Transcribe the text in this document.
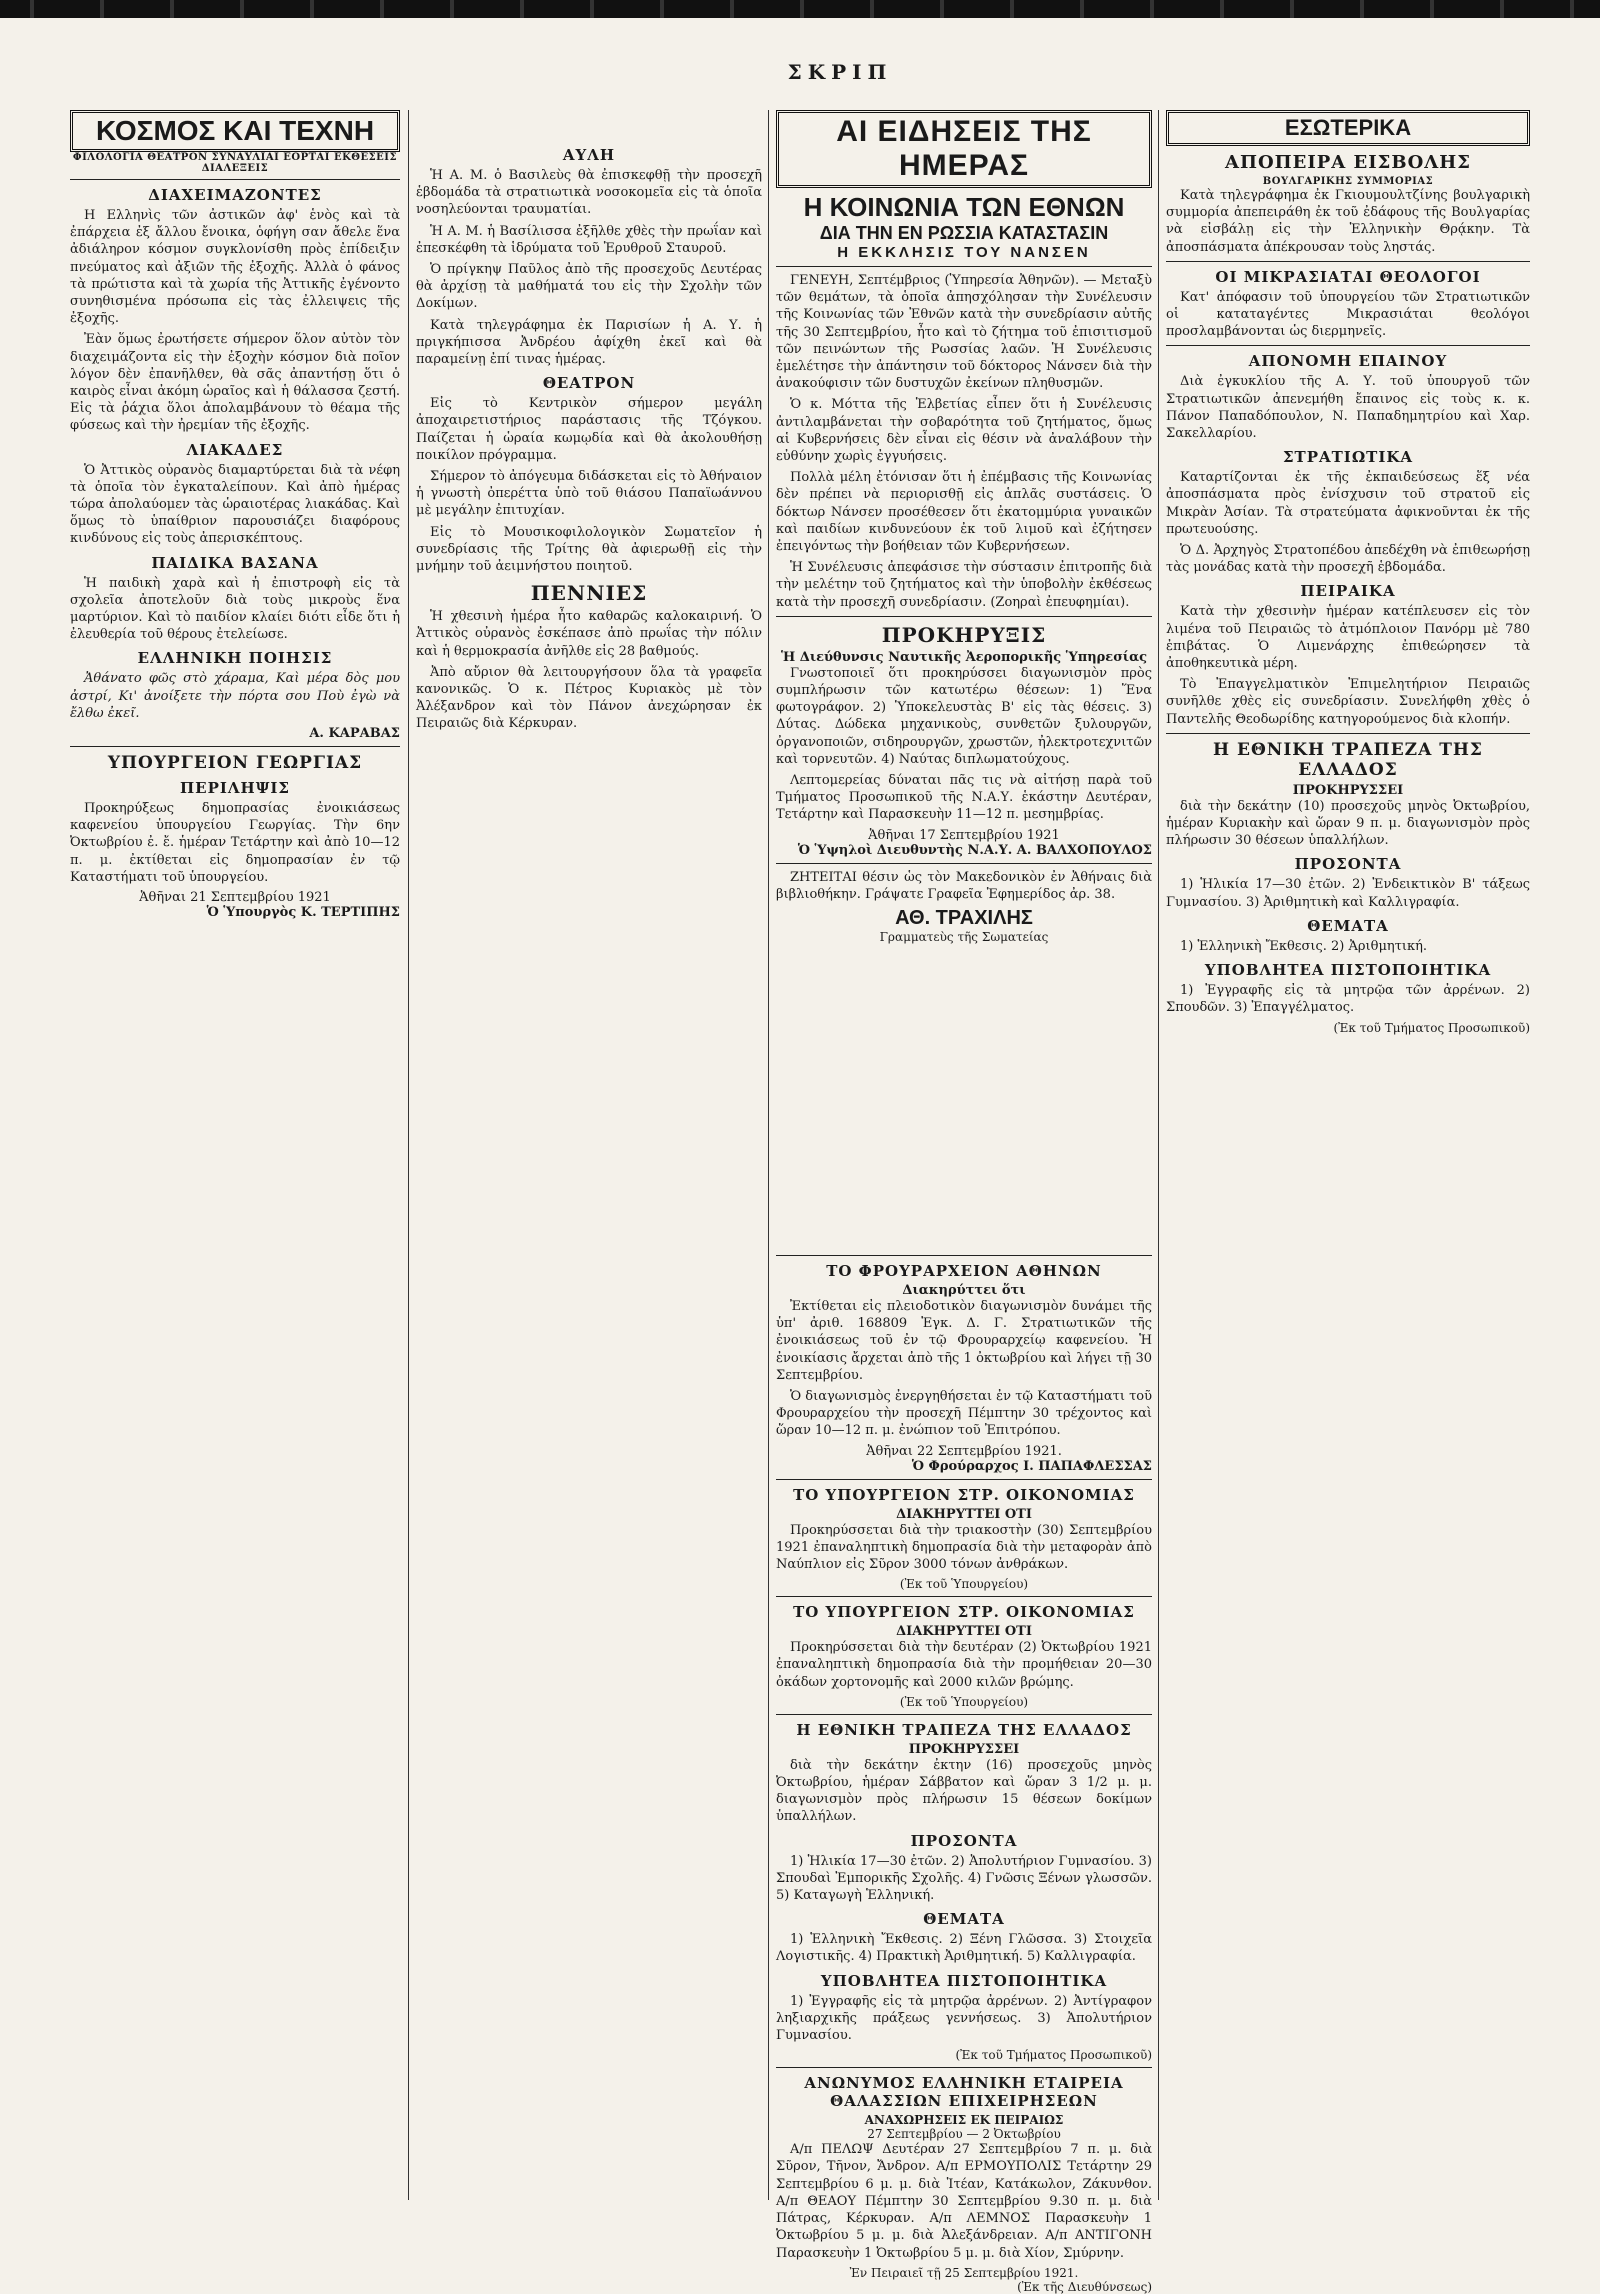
ΣΚΡΙΠ
ΚΟΣΜΟΣ ΚΑΙ ΤΕΧΝΗ
ΦΙΛΟΛΟΓΙΑ ΘΕΑΤΡΟΝ ΣΥΝΑΥΛΙΑΙ ΕΟΡΤΑΙ ΕΚΘΕΣΕΙΣ ΔΙΑΛΕΞΕΙΣ
ΔΙΑΧΕΙΜΑΖΟΝΤΕΣ

Η Ελληνὶς τῶν ἀστικῶν ἀφ' ἑνὸς καὶ τὰ ἐπάρχεια ἐξ ἄλλου ἔνοικα, ὁφήγη σαν ἄθελε ἕνα ἀδιάληρον κόσμον συγκλονίσθη πρὸς ἐπίδειξιν πνεύματος καὶ ἀξιῶν τῆς ἐξοχῆς. Ἀλλὰ ὁ φάνος τὰ πρώτιστα καὶ τὰ χωρία τῆς Ἀττικῆς ἐγένοντο συνηθισμένα πρόσωπα εἰς τὰς ἐλλειψεις τῆς ἐξοχῆς.

Ἐὰν ὅμως ἐρωτήσετε σήμερον ὅλον αὐτὸν τὸν διαχειμάζοντα εἰς τὴν ἐξοχὴν κόσμον διὰ ποῖον λόγον δὲν ἐπανῆλθεν, θὰ σᾶς ἀπαντήσῃ ὅτι ὁ καιρὸς εἶναι ἀκόμη ὡραῖος καὶ ἡ θάλασσα ζεστή. Εἰς τὰ ῥάχια ὅλοι ἀπολαμβάνουν τὸ θέαμα τῆς φύσεως καὶ τὴν ἠρεμίαν τῆς ἐξοχῆς.

ΛΙΑΚΑΔΕΣ

Ὁ Ἀττικὸς οὐρανὸς διαμαρτύρεται διὰ τὰ νέφη τὰ ὁποῖα τὸν ἐγκαταλείπουν. Καὶ ἀπὸ ἡμέρας τώρα ἀπολαύομεν τὰς ὡραιοτέρας λιακάδας. Καὶ ὅμως τὸ ὑπαίθριον παρουσιάζει διαφόρους κινδύνους εἰς τοὺς ἀπερισκέπτους.

ΠΑΙΔΙΚΑ ΒΑΣΑΝΑ

Ἡ παιδικὴ χαρὰ καὶ ἡ ἐπιστροφὴ εἰς τὰ σχολεῖα ἀποτελοῦν διὰ τοὺς μικροὺς ἕνα μαρτύριον. Καὶ τὸ παιδίον κλαίει διότι εἶδε ὅτι ἡ ἐλευθερία τοῦ θέρους ἐτελείωσε.

ΕΛΛΗΝΙΚΗ ΠΟΙΗΣΙΣ

Ἀθάνατο φῶς στὸ χάραμα, Καὶ μέρα δὸς μου ἀστρί, Κι' ἀνοίξετε τὴν πόρτα σου Ποὺ ἐγὼ νὰ ἔλθω ἐκεῖ.

Α. ΚΑΡΑΒΑΣ
ΥΠΟΥΡΓΕΙΟΝ ΓΕΩΡΓΙΑΣ
ΠΕΡΙΛΗΨΙΣ

Προκηρύξεως δημοπρασίας ἐνοικιάσεως καφενείου ὑπουργείου Γεωργίας. Τὴν 6ην Ὀκτωβρίου ἐ. ἔ. ἡμέραν Τετάρτην καὶ ἀπὸ 10—12 π. μ. ἐκτίθεται εἰς δημοπρασίαν ἐν τῷ Καταστήματι τοῦ ὑπουργείου.

Ἀθῆναι 21 Σεπτεμβρίου 1921
Ὁ Ὑπουργὸς Κ. ΤΕΡΤΙΠΗΣ
ΑΥΛΗ

Ἡ Α. Μ. ὁ Βασιλεὺς θὰ ἐπισκεφθῇ τὴν προσεχῆ ἑβδομάδα τὰ στρατιωτικὰ νοσοκομεῖα εἰς τὰ ὁποῖα νοσηλεύονται τραυματίαι.

Ἡ Α. Μ. ἡ Βασίλισσα ἐξῆλθε χθὲς τὴν πρωΐαν καὶ ἐπεσκέφθη τὰ ἱδρύματα τοῦ Ἐρυθροῦ Σταυροῦ.

Ὁ πρίγκηψ Παῦλος ἀπὸ τῆς προσεχοῦς Δευτέρας θὰ ἀρχίσῃ τὰ μαθήματά του εἰς τὴν Σχολὴν τῶν Δοκίμων.

Κατὰ τηλεγράφημα ἐκ Παρισίων ἡ Α. Υ. ἡ πριγκήπισσα Ἀνδρέου ἀφίχθη ἐκεῖ καὶ θὰ παραμείνῃ ἐπί τινας ἡμέρας.

ΘΕΑΤΡΟΝ

Εἰς τὸ Κεντρικὸν σήμερον μεγάλη ἀποχαιρετιστήριος παράστασις τῆς Τζόγκου. Παίζεται ἡ ὡραία κωμῳδία καὶ θὰ ἀκολουθήσῃ ποικίλον πρόγραμμα.

Σήμερον τὸ ἀπόγευμα διδάσκεται εἰς τὸ Ἀθήναιον ἡ γνωστὴ ὀπερέττα ὑπὸ τοῦ θιάσου Παπαϊωάννου μὲ μεγάλην ἐπιτυχίαν.

Εἰς τὸ Μουσικοφιλολογικὸν Σωματεῖον ἡ συνεδρίασις τῆς Τρίτης θὰ ἀφιερωθῇ εἰς τὴν μνήμην τοῦ ἀειμνήστου ποιητοῦ.

ΠΕΝΝΙΕΣ

Ἡ χθεσινὴ ἡμέρα ἦτο καθαρῶς καλοκαιρινή. Ὁ Ἀττικὸς οὐρανὸς ἐσκέπασε ἀπὸ πρωΐας τὴν πόλιν καὶ ἡ θερμοκρασία ἀνῆλθε εἰς 28 βαθμούς.

Ἀπὸ αὔριον θὰ λειτουργήσουν ὅλα τὰ γραφεῖα κανονικῶς. Ὁ κ. Πέτρος Κυριακὸς μὲ τὸν Ἀλέξανδρον καὶ τὸν Πάνον ἀνεχώρησαν ἐκ Πειραιῶς διὰ Κέρκυραν.

ΑΙ ΕΙΔΗΣΕΙΣ ΤΗΣ ΗΜΕΡΑΣ
Η ΚΟΙΝΩΝΙΑ ΤΩΝ ΕΘΝΩΝ
ΔΙΑ ΤΗΝ ΕΝ ΡΩΣΣΙΑ ΚΑΤΑΣΤΑΣΙΝ
Η ΕΚΚΛΗΣΙΣ ΤΟΥ ΝΑΝΣΕΝ

ΓΕΝΕΥΗ, Σεπτέμβριος (Ὑπηρεσία Ἀθηνῶν). — Μεταξὺ τῶν θεμάτων, τὰ ὁποῖα ἀπησχόλησαν τὴν Συνέλευσιν τῆς Κοινωνίας τῶν Ἐθνῶν κατὰ τὴν συνεδρίασιν αὐτῆς τῆς 30 Σεπτεμβρίου, ἦτο καὶ τὸ ζήτημα τοῦ ἐπισιτισμοῦ τῶν πεινώντων τῆς Ρωσσίας λαῶν. Ἡ Συνέλευσις ἐμελέτησε τὴν ἀπάντησιν τοῦ δόκτορος Νάνσεν διὰ τὴν ἀνακούφισιν τῶν δυστυχῶν ἐκείνων πληθυσμῶν.

Ὁ κ. Μόττα τῆς Ἑλβετίας εἶπεν ὅτι ἡ Συνέλευσις ἀντιλαμβάνεται τὴν σοβαρότητα τοῦ ζητήματος, ὅμως αἱ Κυβερνήσεις δὲν εἶναι εἰς θέσιν νὰ ἀναλάβουν τὴν εὐθύνην χωρὶς ἐγγυήσεις.

Πολλὰ μέλη ἐτόνισαν ὅτι ἡ ἐπέμβασις τῆς Κοινωνίας δὲν πρέπει νὰ περιορισθῇ εἰς ἁπλᾶς συστάσεις. Ὁ δόκτωρ Νάνσεν προσέθεσεν ὅτι ἐκατομμύρια γυναικῶν καὶ παιδίων κινδυνεύουν ἐκ τοῦ λιμοῦ καὶ ἐζήτησεν ἐπειγόντως τὴν βοήθειαν τῶν Κυβερνήσεων.

Ἡ Συνέλευσις ἀπεφάσισε τὴν σύστασιν ἐπιτροπῆς διὰ τὴν μελέτην τοῦ ζητήματος καὶ τὴν ὑποβολὴν ἐκθέσεως κατὰ τὴν προσεχῆ συνεδρίασιν. (Ζοηραὶ ἐπευφημίαι).

ΠΡΟΚΗΡΥΞΙΣ
Ἡ Διεύθυνσις Ναυτικῆς Ἀεροπορικῆς Ὑπηρεσίας

Γνωστοποιεῖ ὅτι προκηρύσσει διαγωνισμὸν πρὸς συμπλήρωσιν τῶν κατωτέρω θέσεων: 1) Ἕνα φωτογράφον. 2) Ὑποκελευστὰς Β' εἰς τὰς θέσεις. 3) Δύτας. Δώδεκα μηχανικοὺς, συνθετῶν ξυλουργῶν, ὀργανοποιῶν, σιδηρουργῶν, χρωστῶν, ἠλεκτροτεχνιτῶν καὶ τορνευτῶν. 4) Ναύτας διπλωματούχους.

Λεπτομερείας δύναται πᾶς τις νὰ αἰτήσῃ παρὰ τοῦ Τμήματος Προσωπικοῦ τῆς Ν.Α.Υ. ἑκάστην Δευτέραν, Τετάρτην καὶ Παρασκευὴν 11—12 π. μεσημβρίας.

Ἀθῆναι 17 Σεπτεμβρίου 1921
Ὁ Ὑψηλοὶ Διευθυντὴς Ν.Α.Υ. Α. ΒΑΛΧΟΠΟΥΛΟΣ

ΖΗΤΕΙΤΑΙ θέσιν ὡς τὸν Μακεδονικὸν ἐν Ἀθήναις διὰ βιβλιοθήκην. Γράψατε Γραφεῖα Ἐφημερίδος ἀρ. 38.

ΑΘ. ΤΡΑΧΙΛΗΣ
Γραμματεὺς τῆς Σωματείας
ΕΣΩΤΕΡΙΚΑ
ΑΠΟΠΕΙΡΑ ΕΙΣΒΟΛΗΣ
ΒΟΥΛΓΑΡΙΚΗΣ ΣΥΜΜΟΡΙΑΣ

Κατὰ τηλεγράφημα ἐκ Γκιουμουλτζίνης βουλγαρικὴ συμμορία ἀπεπειράθη ἐκ τοῦ ἐδάφους τῆς Βουλγαρίας νὰ εἰσβάλῃ εἰς τὴν Ἑλληνικὴν Θρᾴκην. Τὰ ἀποσπάσματα ἀπέκρουσαν τοὺς ληστάς.

ΟΙ ΜΙΚΡΑΣΙΑΤΑΙ ΘΕΟΛΟΓΟΙ

Κατ' ἀπόφασιν τοῦ ὑπουργείου τῶν Στρατιωτικῶν οἱ καταταγέντες Μικρασιάται θεολόγοι προσλαμβάνονται ὡς διερμηνεῖς.

ΑΠΟΝΟΜΗ ΕΠΑΙΝΟΥ

Διὰ ἐγκυκλίου τῆς Α. Υ. τοῦ ὑπουργοῦ τῶν Στρατιωτικῶν ἀπενεμήθη ἔπαινος εἰς τοὺς κ. κ. Πάνον Παπαδόπουλον, Ν. Παπαδημητρίου καὶ Χαρ. Σακελλαρίου.

ΣΤΡΑΤΙΩΤΙΚΑ

Καταρτίζονται ἐκ τῆς ἐκπαιδεύσεως ἕξ νέα ἀποσπάσματα πρὸς ἐνίσχυσιν τοῦ στρατοῦ εἰς Μικρὰν Ἀσίαν. Τὰ στρατεύματα ἀφικνοῦνται ἐκ τῆς πρωτευούσης.

Ὁ Δ. Ἀρχηγὸς Στρατοπέδου ἀπεδέχθη νὰ ἐπιθεωρήσῃ τὰς μονάδας κατὰ τὴν προσεχῆ ἑβδομάδα.

ΠΕΙΡΑΙΚΑ

Κατὰ τὴν χθεσινὴν ἡμέραν κατέπλευσεν εἰς τὸν λιμένα τοῦ Πειραιῶς τὸ ἀτμόπλοιον Πανόρμ μὲ 780 ἐπιβάτας. Ὁ Λιμενάρχης ἐπιθεώρησεν τὰ ἀποθηκευτικὰ μέρη.

Τὸ Ἐπαγγελματικὸν Ἐπιμελητήριον Πειραιῶς συνῆλθε χθὲς εἰς συνεδρίασιν. Συνελήφθη χθὲς ὁ Παντελῆς Θεοδωρίδης κατηγορούμενος διὰ κλοπήν.

Η ΕΘΝΙΚΗ ΤΡΑΠΕΖΑ ΤΗΣ ΕΛΛΑΔΟΣ
ΠΡΟΚΗΡΥΣΣΕΙ

διὰ τὴν δεκάτην (10) προσεχοῦς μηνὸς Ὀκτωβρίου, ἡμέραν Κυριακὴν καὶ ὥραν 9 π. μ. διαγωνισμὸν πρὸς πλήρωσιν 30 θέσεων ὑπαλλήλων.

ΠΡΟΣΟΝΤΑ

1) Ἡλικία 17—30 ἐτῶν. 2) Ἐνδεικτικὸν Β' τάξεως Γυμνασίου. 3) Ἀριθμητικὴ καὶ Καλλιγραφία.

ΘΕΜΑΤΑ

1) Ἑλληνικὴ Ἔκθεσις. 2) Ἀριθμητική.

ΥΠΟΒΛΗΤΕΑ ΠΙΣΤΟΠΟΙΗΤΙΚΑ

1) Ἐγγραφῆς εἰς τὰ μητρῷα τῶν ἀρρένων. 2) Σπουδῶν. 3) Ἐπαγγέλματος.

(Ἐκ τοῦ Τμήματος Προσωπικοῦ)
ΤΟ ΦΡΟΥΡΑΡΧΕΙΟΝ ΑΘΗΝΩΝ
Διακηρύττει ὅτι

Ἐκτίθεται εἰς πλειοδοτικὸν διαγωνισμὸν δυνάμει τῆς ὑπ' ἀριθ. 168809 Ἐγκ. Δ. Γ. Στρατιωτικῶν τῆς ἐνοικιάσεως τοῦ ἐν τῷ Φρουραρχείῳ καφενείου. Ἡ ἐνοικίασις ἄρχεται ἀπὸ τῆς 1 ὀκτωβρίου καὶ λήγει τῇ 30 Σεπτεμβρίου.

Ὁ διαγωνισμὸς ἐνεργηθήσεται ἐν τῷ Καταστήματι τοῦ Φρουραρχείου τὴν προσεχῆ Πέμπτην 30 τρέχοντος καὶ ὥραν 10—12 π. μ. ἐνώπιον τοῦ Ἐπιτρόπου.

Ἀθῆναι 22 Σεπτεμβρίου 1921.
Ὁ Φρούραρχος Ι. ΠΑΠΑΦΛΕΣΣΑΣ
ΤΟ ΥΠΟΥΡΓΕΙΟΝ ΣΤΡ. ΟΙΚΟΝΟΜΙΑΣ
ΔΙΑΚΗΡΥΤΤΕΙ ΟΤΙ

Προκηρύσσεται διὰ τὴν τριακοστὴν (30) Σεπτεμβρίου 1921 ἐπαναληπτικὴ δημοπρασία διὰ τὴν μεταφορὰν ἀπὸ Ναύπλιον εἰς Σῦρον 3000 τόνων ἀνθράκων.

(Ἐκ τοῦ Ὑπουργείου)
ΤΟ ΥΠΟΥΡΓΕΙΟΝ ΣΤΡ. ΟΙΚΟΝΟΜΙΑΣ
ΔΙΑΚΗΡΥΤΤΕΙ ΟΤΙ

Προκηρύσσεται διὰ τὴν δευτέραν (2) Ὀκτωβρίου 1921 ἐπαναληπτικὴ δημοπρασία διὰ τὴν προμήθειαν 20—30 ὀκάδων χορτονομῆς καὶ 2000 κιλῶν βρώμης.

(Ἐκ τοῦ Ὑπουργείου)
Η ΕΘΝΙΚΗ ΤΡΑΠΕΖΑ ΤΗΣ ΕΛΛΑΔΟΣ
ΠΡΟΚΗΡΥΣΣΕΙ

διὰ τὴν δεκάτην ἐκτην (16) προσεχοῦς μηνὸς Ὀκτωβρίου, ἡμέραν Σάββατον καὶ ὥραν 3 1/2 μ. μ. διαγωνισμὸν πρὸς πλήρωσιν 15 θέσεων δοκίμων ὑπαλλήλων.

ΠΡΟΣΟΝΤΑ

1) Ἡλικία 17—30 ἐτῶν. 2) Ἀπολυτήριον Γυμνασίου. 3) Σπουδαὶ Ἐμπορικῆς Σχολῆς. 4) Γνῶσις Ξένων γλωσσῶν. 5) Καταγωγὴ Ἑλληνική.

ΘΕΜΑΤΑ

1) Ἑλληνικὴ Ἔκθεσις. 2) Ξένη Γλῶσσα. 3) Στοιχεῖα Λογιστικῆς. 4) Πρακτικὴ Ἀριθμητική. 5) Καλλιγραφία.

ΥΠΟΒΛΗΤΕΑ ΠΙΣΤΟΠΟΙΗΤΙΚΑ

1) Ἐγγραφῆς εἰς τὰ μητρῷα ἀρρένων. 2) Ἀντίγραφον ληξιαρχικῆς πράξεως γεννήσεως. 3) Ἀπολυτήριον Γυμνασίου.

(Ἐκ τοῦ Τμήματος Προσωπικοῦ)
ΑΝΩΝΥΜΟΣ ΕΛΛΗΝΙΚΗ ΕΤΑΙΡΕΙΑ ΘΑΛΑΣΣΙΩΝ ΕΠΙΧΕΙΡΗΣΕΩΝ
ΑΝΑΧΩΡΗΣΕΙΣ ΕΚ ΠΕΙΡΑΙΩΣ
27 Σεπτεμβρίου — 2 Ὀκτωβρίου

Α/π ΠΕΛΩΨ Δευτέραν 27 Σεπτεμβρίου 7 π. μ. διὰ Σῦρον, Τῆνον, Ἄνδρον. Α/π ΕΡΜΟΥΠΟΛΙΣ Τετάρτην 29 Σεπτεμβρίου 6 μ. μ. διὰ Ἰτέαν, Κατάκωλον, Ζάκυνθον. Α/π ΘΕΑΟΥ Πέμπτην 30 Σεπτεμβρίου 9.30 π. μ. διὰ Πάτρας, Κέρκυραν. Α/π ΛΕΜΝΟΣ Παρασκευὴν 1 Ὀκτωβρίου 5 μ. μ. διὰ Ἀλεξάνδρειαν. Α/π ΑΝΤΙΓΟΝΗ Παρασκευὴν 1 Ὀκτωβρίου 5 μ. μ. διὰ Χίον, Σμύρνην.

Ἐν Πειραιεῖ τῇ 25 Σεπτεμβρίου 1921.
(Ἐκ τῆς Διευθύνσεως)
